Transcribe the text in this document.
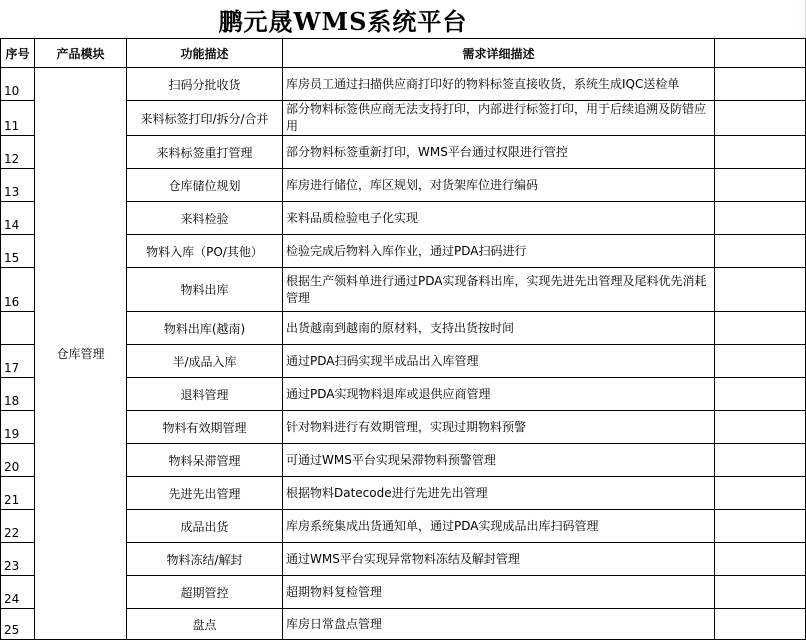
鹏元晟WMS系统平台
序号	产品模块	功能描述	需求详细描述	
10	仓库管理	扫码分批收货	库房员工通过扫描供应商打印好的物料标签直接收货，系统生成IQC送检单	
11		来料标签打印/拆分/合并	部分物料标签供应商无法支持打印，内部进行标签打印，用于后续追溯及防错应用	
12		来料标签重打管理	部分物料标签重新打印，WMS平台通过权限进行管控	
13		仓库储位规划	库房进行储位，库区规划，对货架库位进行编码	
14		来料检验	来料品质检验电子化实现	
15		物料入库（PO/其他）	检验完成后物料入库作业，通过PDA扫码进行	
16		物料出库	根据生产领料单进行通过PDA实现备料出库，实现先进先出管理及尾料优先消耗管理	
		物料出库(越南)	出货越南到越南的原材料，支持出货按时间	
17		半/成品入库	通过PDA扫码实现半成品出入库管理	
18		退料管理	通过PDA实现物料退库或退供应商管理	
19		物料有效期管理	针对物料进行有效期管理，实现过期物料预警	
20		物料呆滞管理	可通过WMS平台实现呆滞物料预警管理	
21		先进先出管理	根据物料Datecode进行先进先出管理	
22		成品出货	库房系统集成出货通知单，通过PDA实现成品出库扫码管理	
23		物料冻结/解封	通过WMS平台实现异常物料冻结及解封管理	
24		超期管控	超期物料复检管理	
25		盘点	库房日常盘点管理	
